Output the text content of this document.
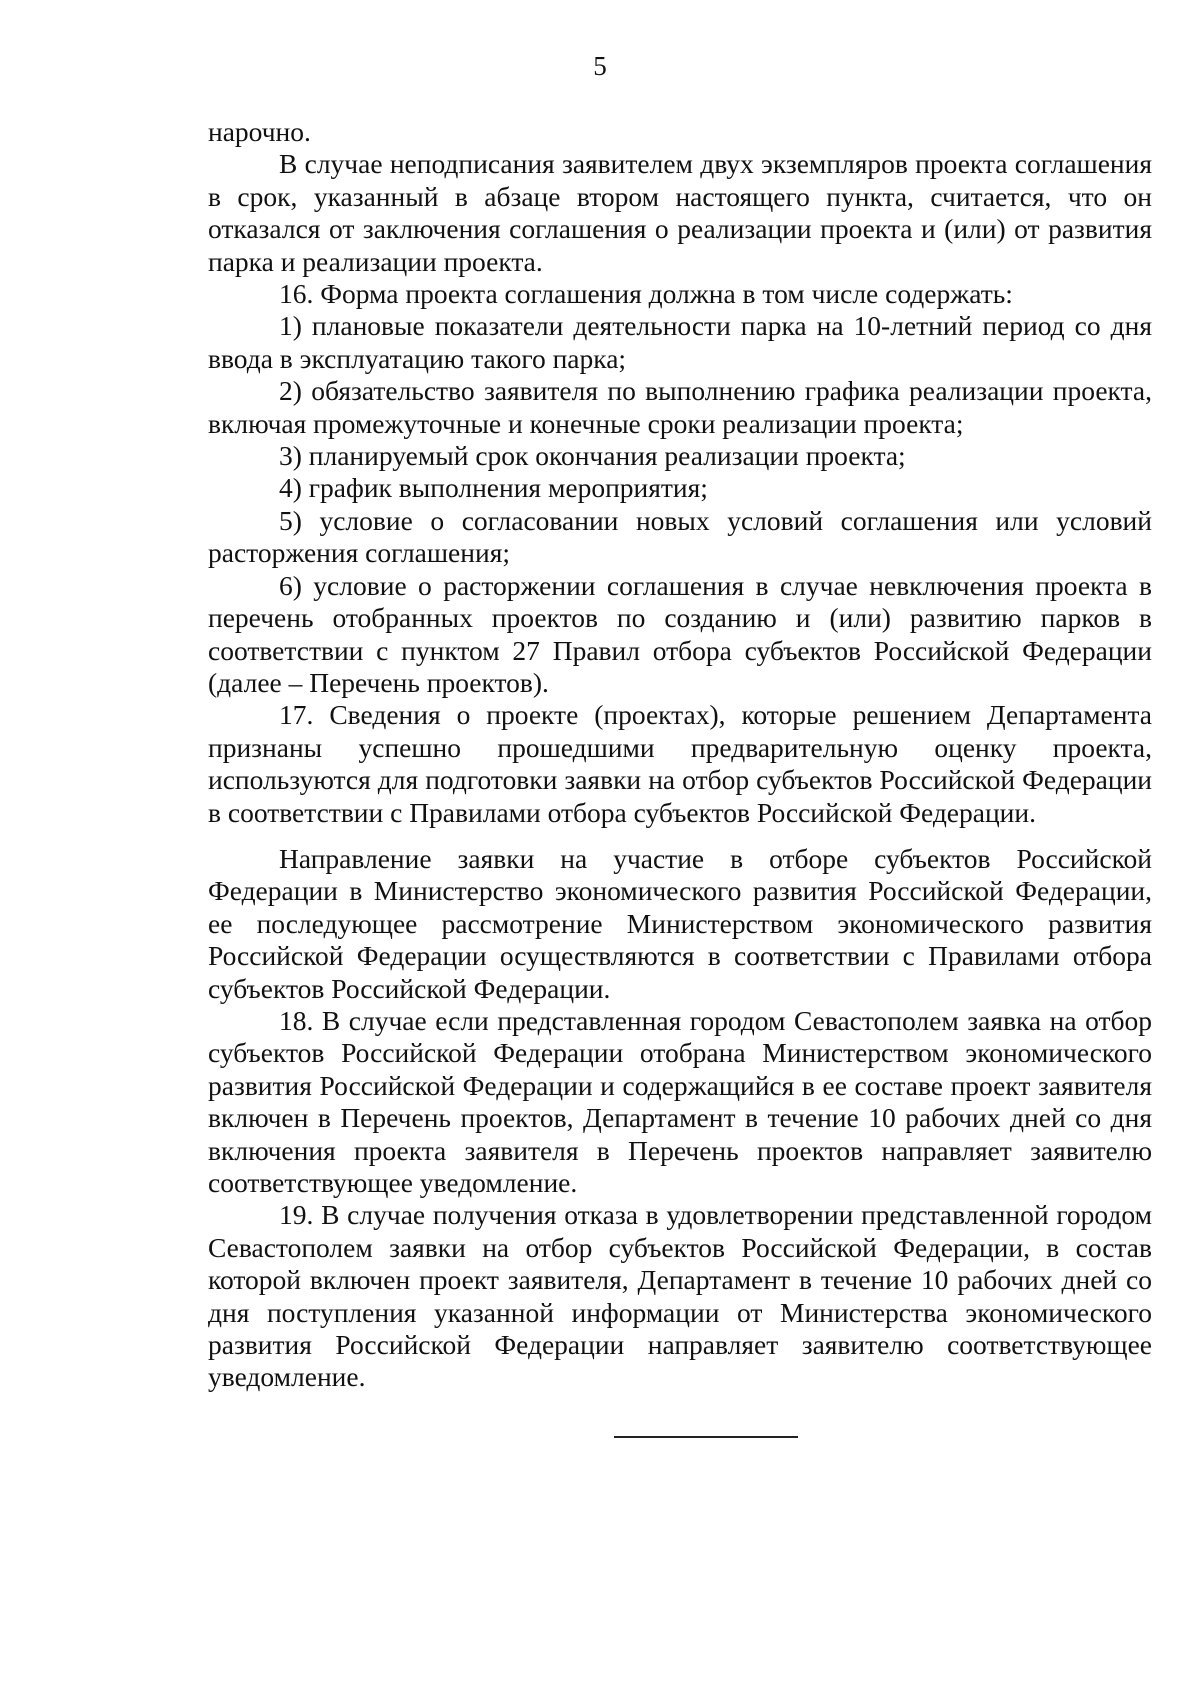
5

нарочно.

В случае неподписания заявителем двух экземпляров проекта соглашения в срок, указанный в абзаце втором настоящего пункта, считается, что он отказался от заключения соглашения о реализации проекта и (или) от развития парка и реализации проекта.

16. Форма проекта соглашения должна в том числе содержать:

1) плановые показатели деятельности парка на 10-летний период со дня ввода в эксплуатацию такого парка;

2) обязательство заявителя по выполнению графика реализации проекта, включая промежуточные и конечные сроки реализации проекта;

3) планируемый срок окончания реализации проекта;

4) график выполнения мероприятия;

5) условие о согласовании новых условий соглашения или условий расторжения соглашения;

6) условие о расторжении соглашения в случае невключения проекта в перечень отобранных проектов по созданию и (или) развитию парков в соответствии с пунктом 27 Правил отбора субъектов Российской Федерации (далее – Перечень проектов).

17. Сведения о проекте (проектах), которые решением Департамента признаны успешно прошедшими предварительную оценку проекта, используются для подготовки заявки на отбор субъектов Российской Федерации в соответствии с Правилами отбора субъектов Российской Федерации.

Направление заявки на участие в отборе субъектов Российской Федерации в Министерство экономического развития Российской Федерации, ее последующее рассмотрение Министерством экономического развития Российской Федерации осуществляются в соответствии с Правилами отбора субъектов Российской Федерации.

18. В случае если представленная городом Севастополем заявка на отбор субъектов Российской Федерации отобрана Министерством экономического развития Российской Федерации и содержащийся в ее составе проект заявителя включен в Перечень проектов, Департамент в течение 10 рабочих дней со дня включения проекта заявителя в Перечень проектов направляет заявителю соответствующее уведомление.

19. В случае получения отказа в удовлетворении представленной городом Севастополем заявки на отбор субъектов Российской Федерации, в состав которой включен проект заявителя, Департамент в течение 10 рабочих дней со дня поступления указанной информации от Министерства экономического развития Российской Федерации направляет заявителю соответствующее уведомление.
